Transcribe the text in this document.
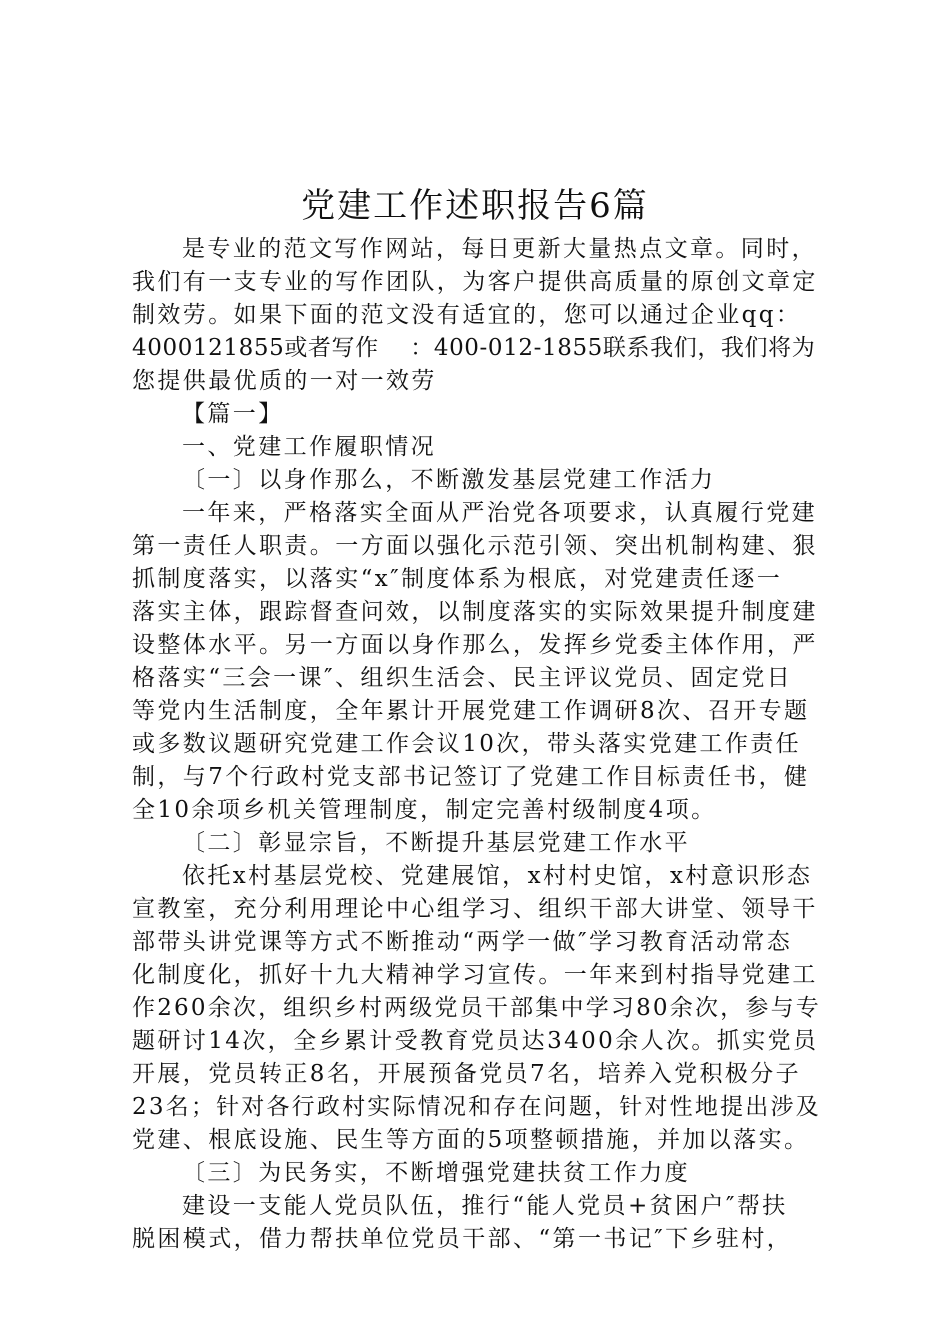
党建工作述职报告6篇
是专业的范文写作网站，每日更新大量热点文章。同时，
我们有一支专业的写作团队，为客户提供高质量的原创文章定
制效劳。如果下面的范文没有适宜的，您可以通过企业qq：
4000121855或者写作　 ：400-012-1855联系我们，我们将为
您提供最优质的一对一效劳
【篇一】
一、党建工作履职情况
〔一〕以身作那么，不断激发基层党建工作活力
一年来，严格落实全面从严治党各项要求，认真履行党建
第一责任人职责。一方面以强化示范引领、突出机制构建、狠
抓制度落实，以落实“x″制度体系为根底，对党建责任逐一
落实主体，跟踪督查问效，以制度落实的实际效果提升制度建
设整体水平。另一方面以身作那么，发挥乡党委主体作用，严
格落实“三会一课″、组织生活会、民主评议党员、固定党日
等党内生活制度，全年累计开展党建工作调研8次、召开专题
或多数议题研究党建工作会议10次，带头落实党建工作责任
制，与7个行政村党支部书记签订了党建工作目标责任书，健
全10余项乡机关管理制度，制定完善村级制度4项。
〔二〕彰显宗旨，不断提升基层党建工作水平
依托x村基层党校、党建展馆，x村村史馆，x村意识形态
宣教室，充分利用理论中心组学习、组织干部大讲堂、领导干
部带头讲党课等方式不断推动“两学一做″学习教育活动常态
化制度化，抓好十九大精神学习宣传。一年来到村指导党建工
作260余次，组织乡村两级党员干部集中学习80余次，参与专
题研讨14次，全乡累计受教育党员达3400余人次。抓实党员
开展，党员转正8名，开展预备党员7名，培养入党积极分子
23名；针对各行政村实际情况和存在问题，针对性地提出涉及
党建、根底设施、民生等方面的5项整顿措施，并加以落实。
〔三〕为民务实，不断增强党建扶贫工作力度
建设一支能人党员队伍，推行“能人党员+贫困户″帮扶
脱困模式，借力帮扶单位党员干部、“第一书记″下乡驻村，
